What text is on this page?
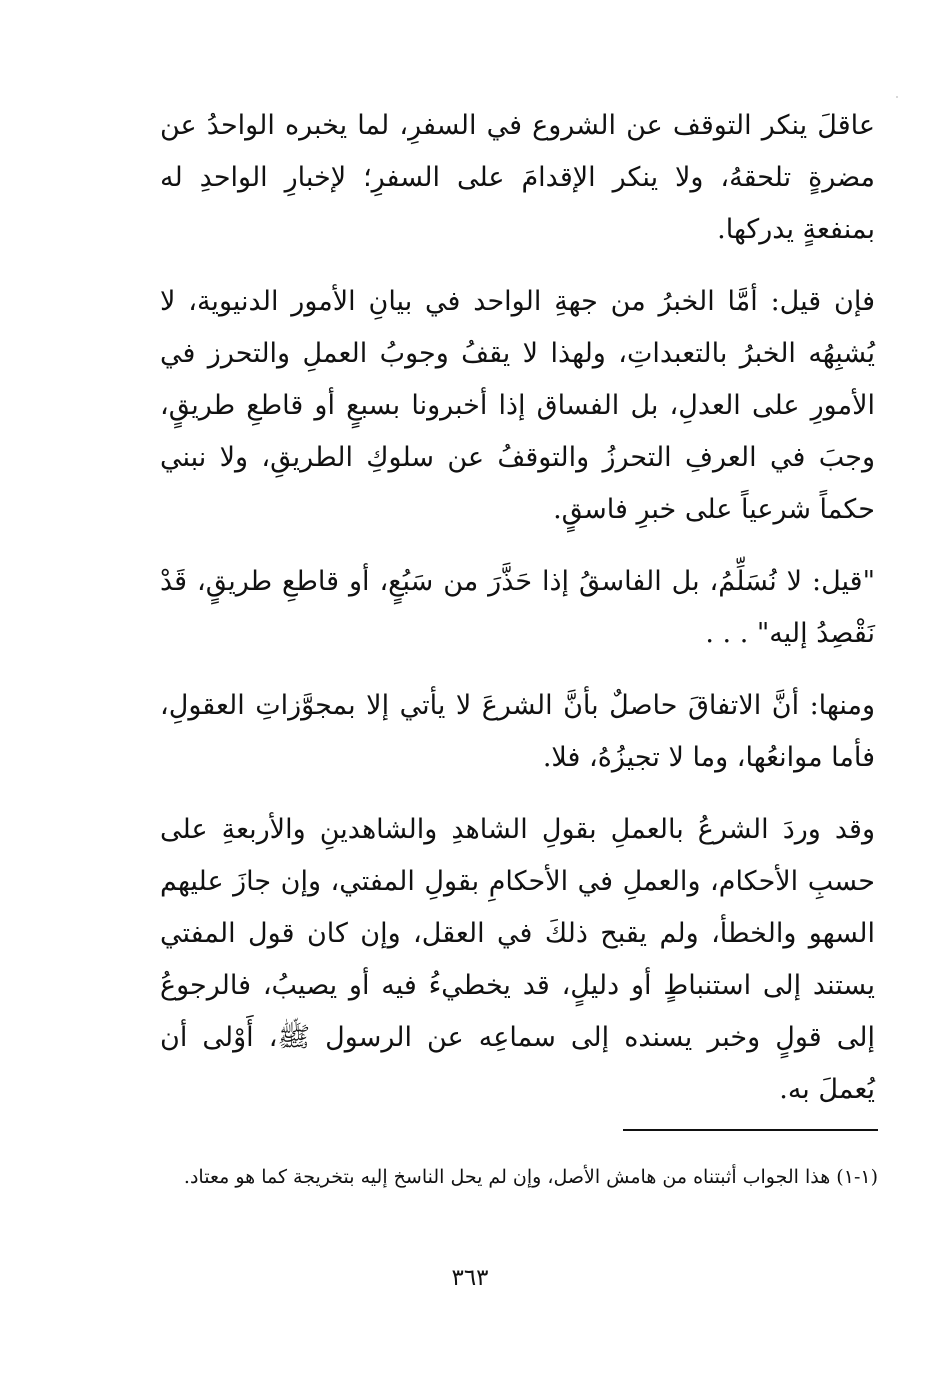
عاقلَ ينكر التوقف عن الشروع في السفرِ، لما يخبره الواحدُ عن مضرةٍ تلحقهُ، ولا ينكر الإقدامَ على السفرِ؛ لإخبارِ الواحدِ له بمنفعةٍ يدركها.

فإن قيل: أمَّا الخبرُ من جهةِ الواحد في بيانِ الأمور الدنيوية، لا يُشبِهُه الخبرُ بالتعبداتِ، ولهذا لا يقفُ وجوبُ العملِ والتحرز في الأمورِ على العدلِ، بل الفساق إذا أخبرونا بسبعٍ أو قاطعِ طريقٍ، وجبَ في العرفِ التحرزُ والتوقفُ عن سلوكِ الطريقِ، ولا نبني حكماً شرعياً على خبرِ فاسقٍ.

"قيل: لا نُسَلِّمُ، بل الفاسقُ إذا حَذَّرَ من سَبُعٍ، أو قاطعِ طريقٍ، قَدْ نَقْصِدُ إليه" . . .

ومنها: أنَّ الاتفاقَ حاصلٌ بأنَّ الشرعَ لا يأتي إلا بمجوَّزاتِ العقولِ، فأما موانعُها، وما لا تجيزُهُ، فلا.

وقد وردَ الشرعُ بالعملِ بقولِ الشاهدِ والشاهدينِ والأربعةِ على حسبِ الأحكام، والعملِ في الأحكامِ بقولِ المفتي، وإن جازَ عليهم السهو والخطأ، ولم يقبح ذلكَ في العقل، وإن كان قول المفتي يستند إلى استنباطٍ أو دليلٍ، قد يخطيءُ فيه أو يصيبُ، فالرجوعُ إلى قولٍ وخبر يسنده إلى سماعِه عن الرسول ﷺ، أَوْلى أن يُعملَ به.

(١-١) هذا الجواب أثبتناه من هامش الأصل، وإن لم يحل الناسخ إليه بتخريجة كما هو معتاد.
٣٦٣
